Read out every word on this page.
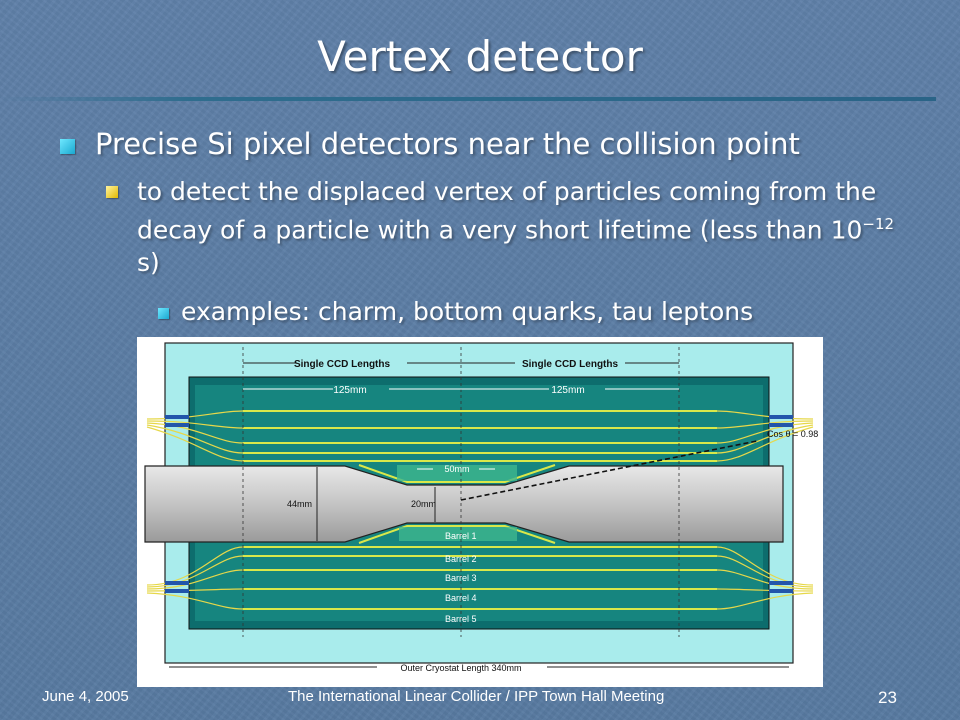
Vertex detector
Precise Si pixel detectors near the collision point
to detect the displaced vertex of particles coming from the decay of a particle with a very short lifetime (less than $10^{-12}$ s)
examples: charm, bottom quarks, tau leptons
Single CCD Lengths	Single CCD Lengths
125mm	125mm
Cos θ = 0.98
50mm
44mm	20mm
Barrel 1
Barrel 2
Barrel 3
Barrel 4
Barrel 5
Outer Cryostat Length 340mm
June 4, 2005	The International Linear Collider / IPP Town Hall Meeting	23
